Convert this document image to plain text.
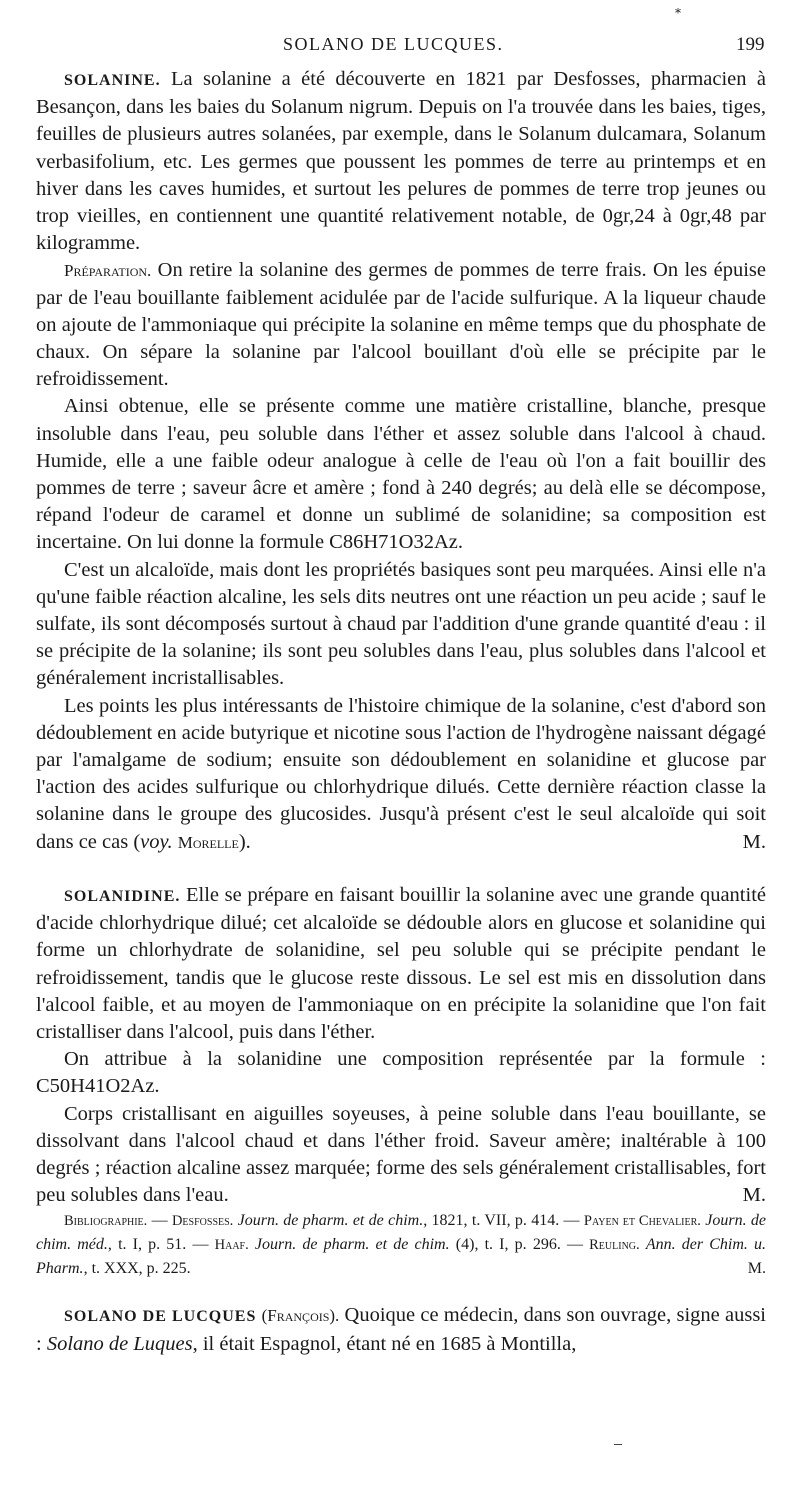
*
SOLANO DE LUCQUES.	199

SOLANINE. La solanine a été découverte en 1821 par Desfosses, pharmacien à Besançon, dans les baies du Solanum nigrum. Depuis on l'a trouvée dans les baies, tiges, feuilles de plusieurs autres solanées, par exemple, dans le Solanum dulcamara, Solanum verbasifolium, etc. Les germes que poussent les pommes de terre au printemps et en hiver dans les caves humides, et surtout les pelures de pommes de terre trop jeunes ou trop vieilles, en contiennent une quantité relativement notable, de 0gr,24 à 0gr,48 par kilogramme.

Préparation. On retire la solanine des germes de pommes de terre frais. On les épuise par de l'eau bouillante faiblement acidulée par de l'acide sulfurique. A la liqueur chaude on ajoute de l'ammoniaque qui précipite la solanine en même temps que du phosphate de chaux. On sépare la solanine par l'alcool bouillant d'où elle se précipite par le refroidissement.

Ainsi obtenue, elle se présente comme une matière cristalline, blanche, presque insoluble dans l'eau, peu soluble dans l'éther et assez soluble dans l'alcool à chaud. Humide, elle a une faible odeur analogue à celle de l'eau où l'on a fait bouillir des pommes de terre ; saveur âcre et amère ; fond à 240 degrés; au delà elle se décompose, répand l'odeur de caramel et donne un sublimé de solanidine; sa composition est incertaine. On lui donne la formule C86H71O32Az.

C'est un alcaloïde, mais dont les propriétés basiques sont peu marquées. Ainsi elle n'a qu'une faible réaction alcaline, les sels dits neutres ont une réaction un peu acide ; sauf le sulfate, ils sont décomposés surtout à chaud par l'addition d'une grande quantité d'eau : il se précipite de la solanine; ils sont peu solubles dans l'eau, plus solubles dans l'alcool et généralement incristallisables.

Les points les plus intéressants de l'histoire chimique de la solanine, c'est d'abord son dédoublement en acide butyrique et nicotine sous l'action de l'hydrogène naissant dégagé par l'amalgame de sodium; ensuite son dédoublement en solanidine et glucose par l'action des acides sulfurique ou chlorhydrique dilués. Cette dernière réaction classe la solanine dans le groupe des glucosides. Jusqu'à présent c'est le seul alcaloïde qui soit dans ce cas (voy. Morelle).	M.

SOLANIDINE. Elle se prépare en faisant bouillir la solanine avec une grande quantité d'acide chlorhydrique dilué; cet alcaloïde se dédouble alors en glucose et solanidine qui forme un chlorhydrate de solanidine, sel peu soluble qui se précipite pendant le refroidissement, tandis que le glucose reste dissous. Le sel est mis en dissolution dans l'alcool faible, et au moyen de l'ammoniaque on en précipite la solanidine que l'on fait cristalliser dans l'alcool, puis dans l'éther.

On attribue à la solanidine une composition représentée par la formule : C50H41O2Az.

Corps cristallisant en aiguilles soyeuses, à peine soluble dans l'eau bouillante, se dissolvant dans l'alcool chaud et dans l'éther froid. Saveur amère; inaltérable à 100 degrés ; réaction alcaline assez marquée; forme des sels généralement cristallisables, fort peu solubles dans l'eau.	M.

Bibliographie. — Desfosses. Journ. de pharm. et de chim., 1821, t. VII, p. 414. — Payen et Chevalier. Journ. de chim. méd., t. I, p. 51. — Haaf. Journ. de pharm. et de chim. (4), t. I, p. 296. — Reuling. Ann. der Chim. u. Pharm., t. XXX, p. 225.	M.

SOLANO DE LUCQUES (François). Quoique ce médecin, dans son ouvrage, signe aussi : Solano de Luques, il était Espagnol, étant né en 1685 à Montilla,
